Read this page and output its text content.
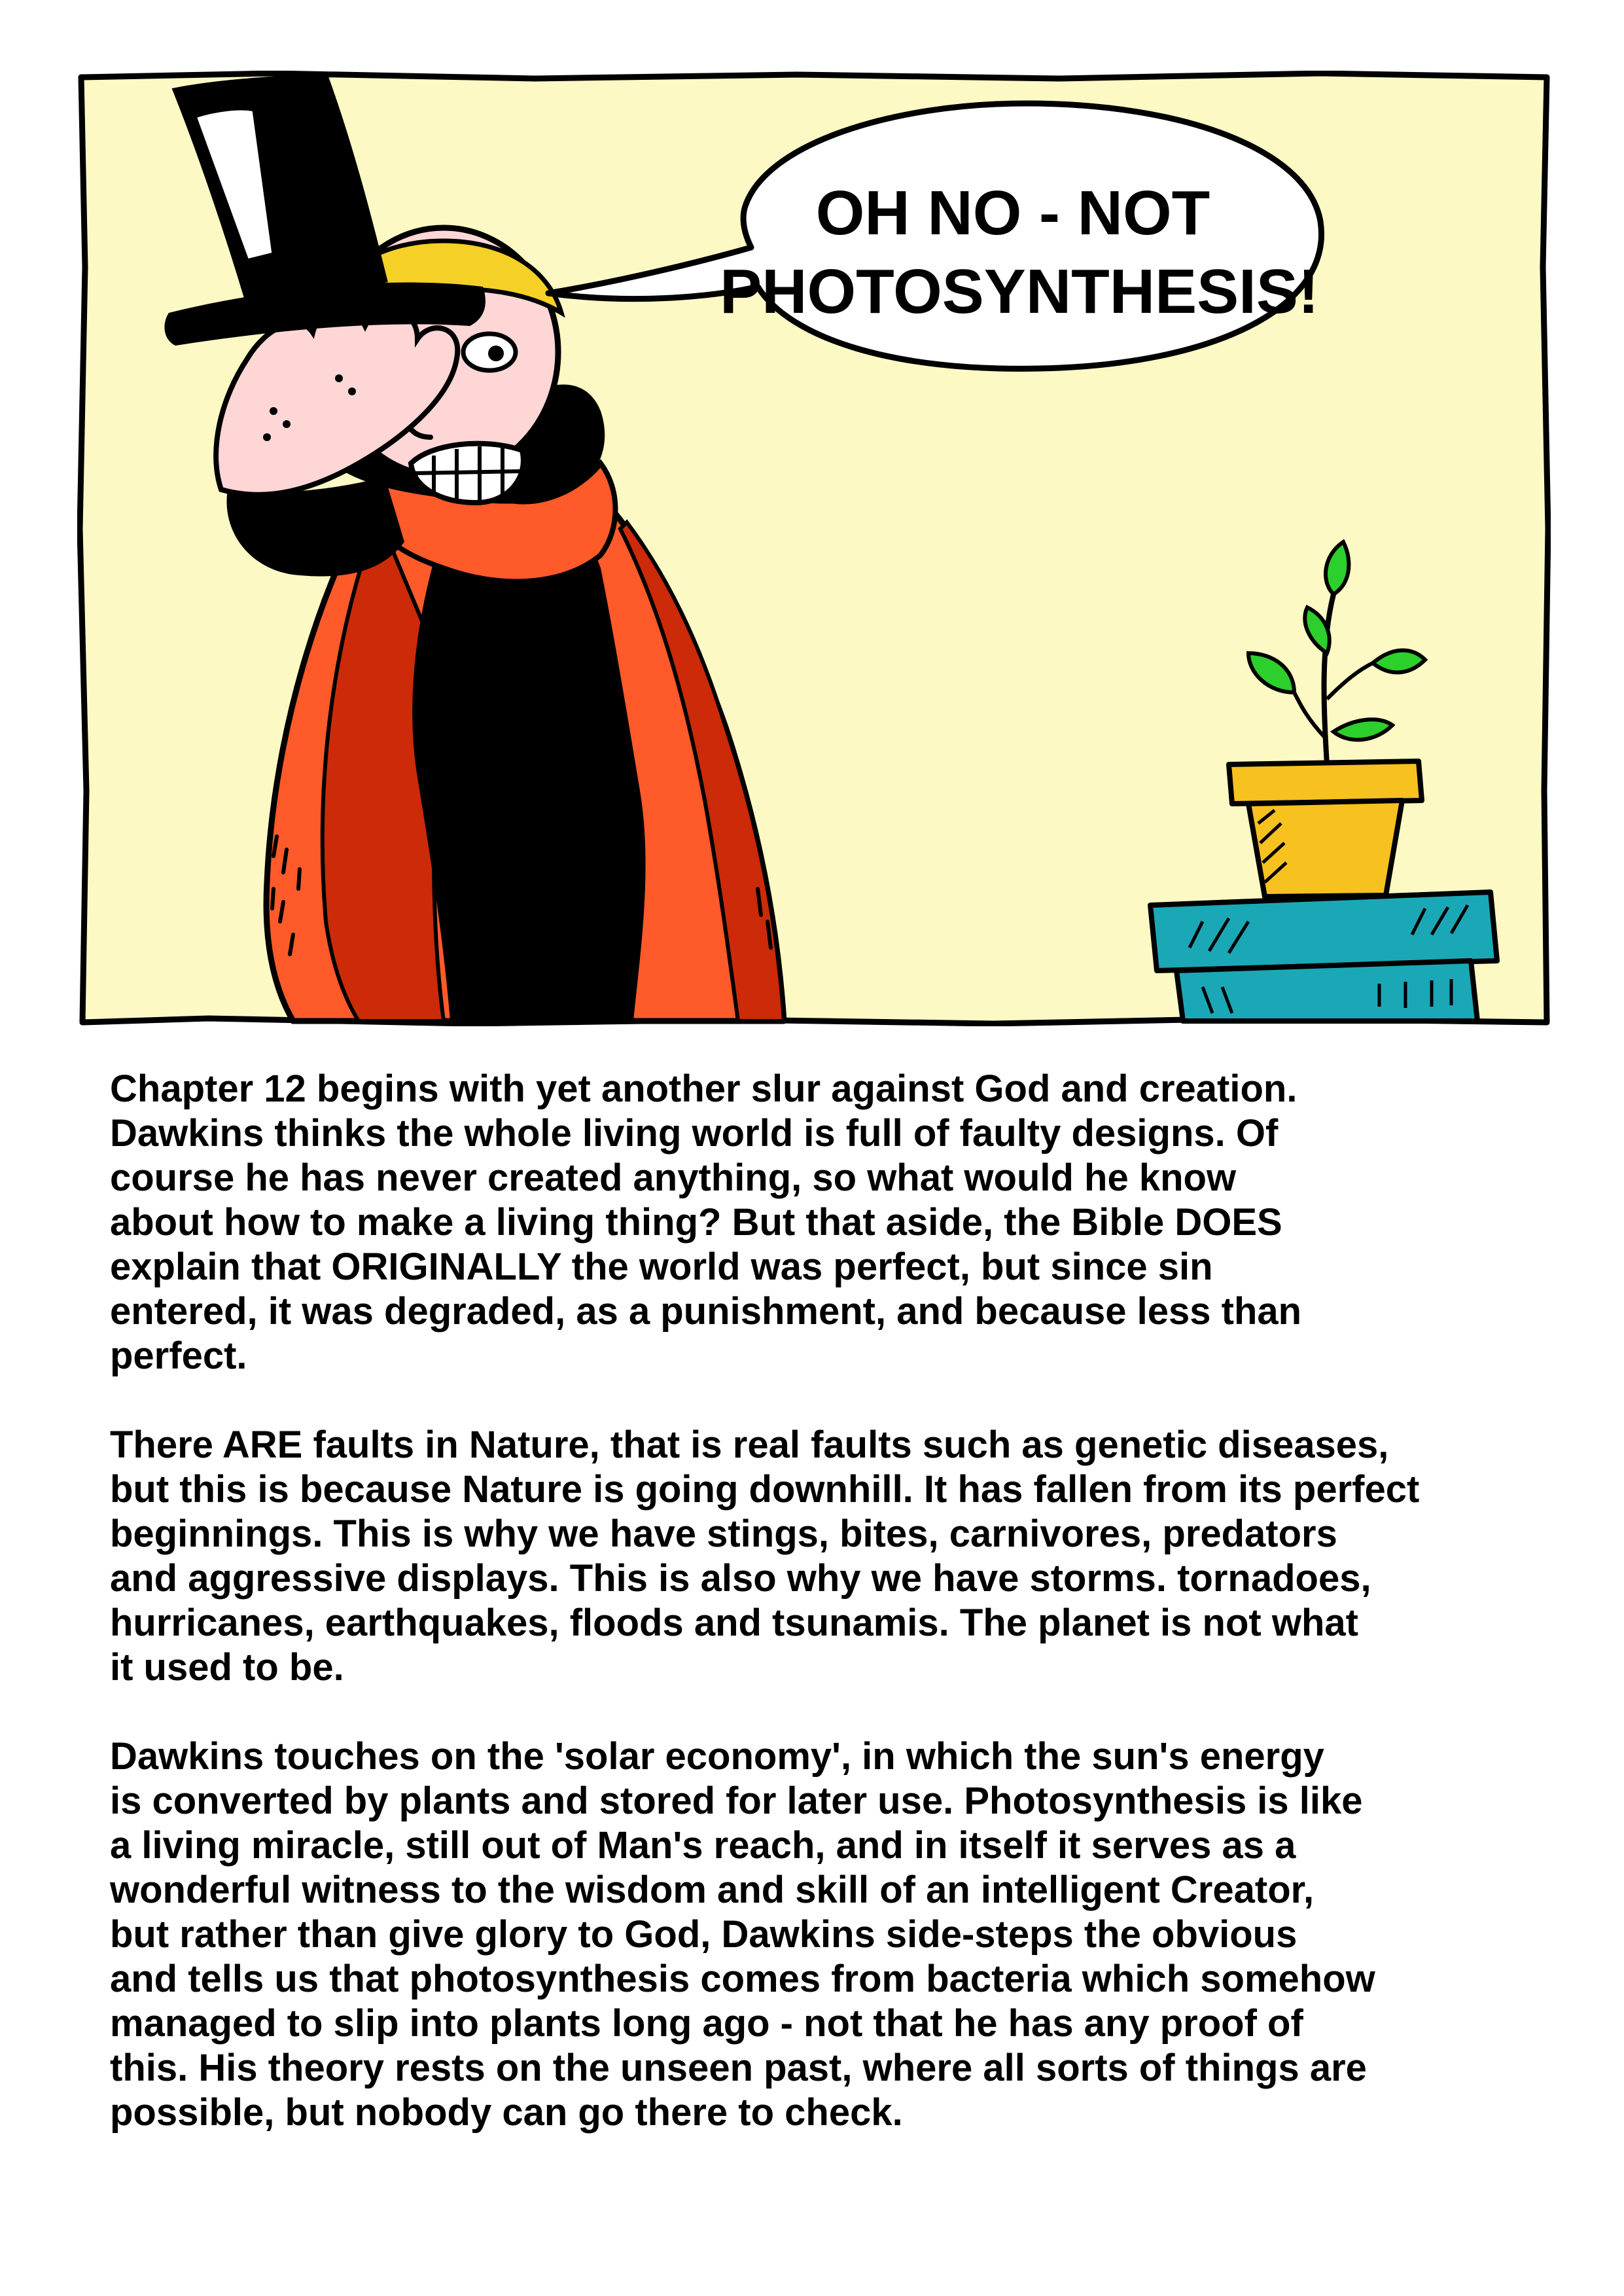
OH NO - NOT
PHOTOSYNTHESIS!

Chapter 12 begins with yet another slur against God and creation.
Dawkins thinks the whole living world is full of faulty designs. Of
course he has never created anything, so what would he know
about how to make a living thing? But that aside, the Bible DOES
explain that ORIGINALLY the world was perfect, but since sin
entered, it was degraded, as a punishment, and because less than
perfect.

There ARE faults in Nature, that is real faults such as genetic diseases,
but this is because Nature is going downhill. It has fallen from its perfect
beginnings. This is why we have stings, bites, carnivores, predators
and aggressive displays. This is also why we have storms. tornadoes,
hurricanes, earthquakes, floods and tsunamis. The planet is not what
it used to be.

Dawkins touches on the 'solar economy', in which the sun's energy
is converted by plants and stored for later use. Photosynthesis is like
a living miracle, still out of Man's reach, and in itself it serves as a
wonderful witness to the wisdom and skill of an intelligent Creator,
but rather than give glory to God, Dawkins side-steps the obvious
and tells us that photosynthesis comes from bacteria which somehow
managed to slip into plants long ago - not that he has any proof of
this. His theory rests on the unseen past, where all sorts of things are
possible, but nobody can go there to check.
